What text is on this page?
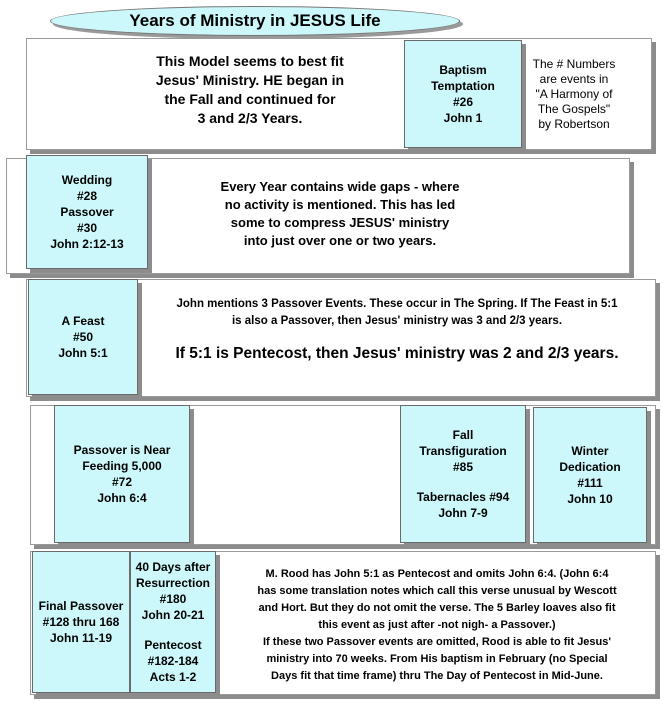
Years of Ministry in JESUS Life
This Model seems to best fit
Jesus' Ministry. HE began in
the Fall and continued for
3 and 2/3 Years.
Baptism
Temptation
#26
John 1
The # Numbers
are events in
"A Harmony of
The Gospels"
by Robertson
Wedding
#28
Passover
#30
John 2:12-13
Every Year contains wide gaps - where
no activity is mentioned. This has led
some to compress JESUS' ministry
into just over one or two years.
A Feast
#50
John 5:1
John mentions 3 Passover Events. These occur in The Spring. If The Feast in 5:1
is also a Passover, then Jesus' ministry was 3 and 2/3 years.
If 5:1 is Pentecost, then Jesus' ministry was 2 and 2/3 years.
Passover is Near
Feeding 5,000
#72
John 6:4
Fall
Transfiguration
#85
Tabernacles #94
John 7-9
Winter
Dedication
#111
John 10
Final Passover
#128 thru 168
John 11-19
40 Days after
Resurrection
#180
John 20-21
Pentecost
#182-184
Acts 1-2
M. Rood has John 5:1 as Pentecost and omits John 6:4. (John 6:4
has some translation notes which call this verse unusual by Wescott
and Hort. But they do not omit the verse. The 5 Barley loaves also fit
this event as just after -not nigh- a Passover.)
If these two Passover events are omitted, Rood is able to fit Jesus'
ministry into 70 weeks. From His baptism in February (no Special
Days fit that time frame) thru The Day of Pentecost in Mid-June.
